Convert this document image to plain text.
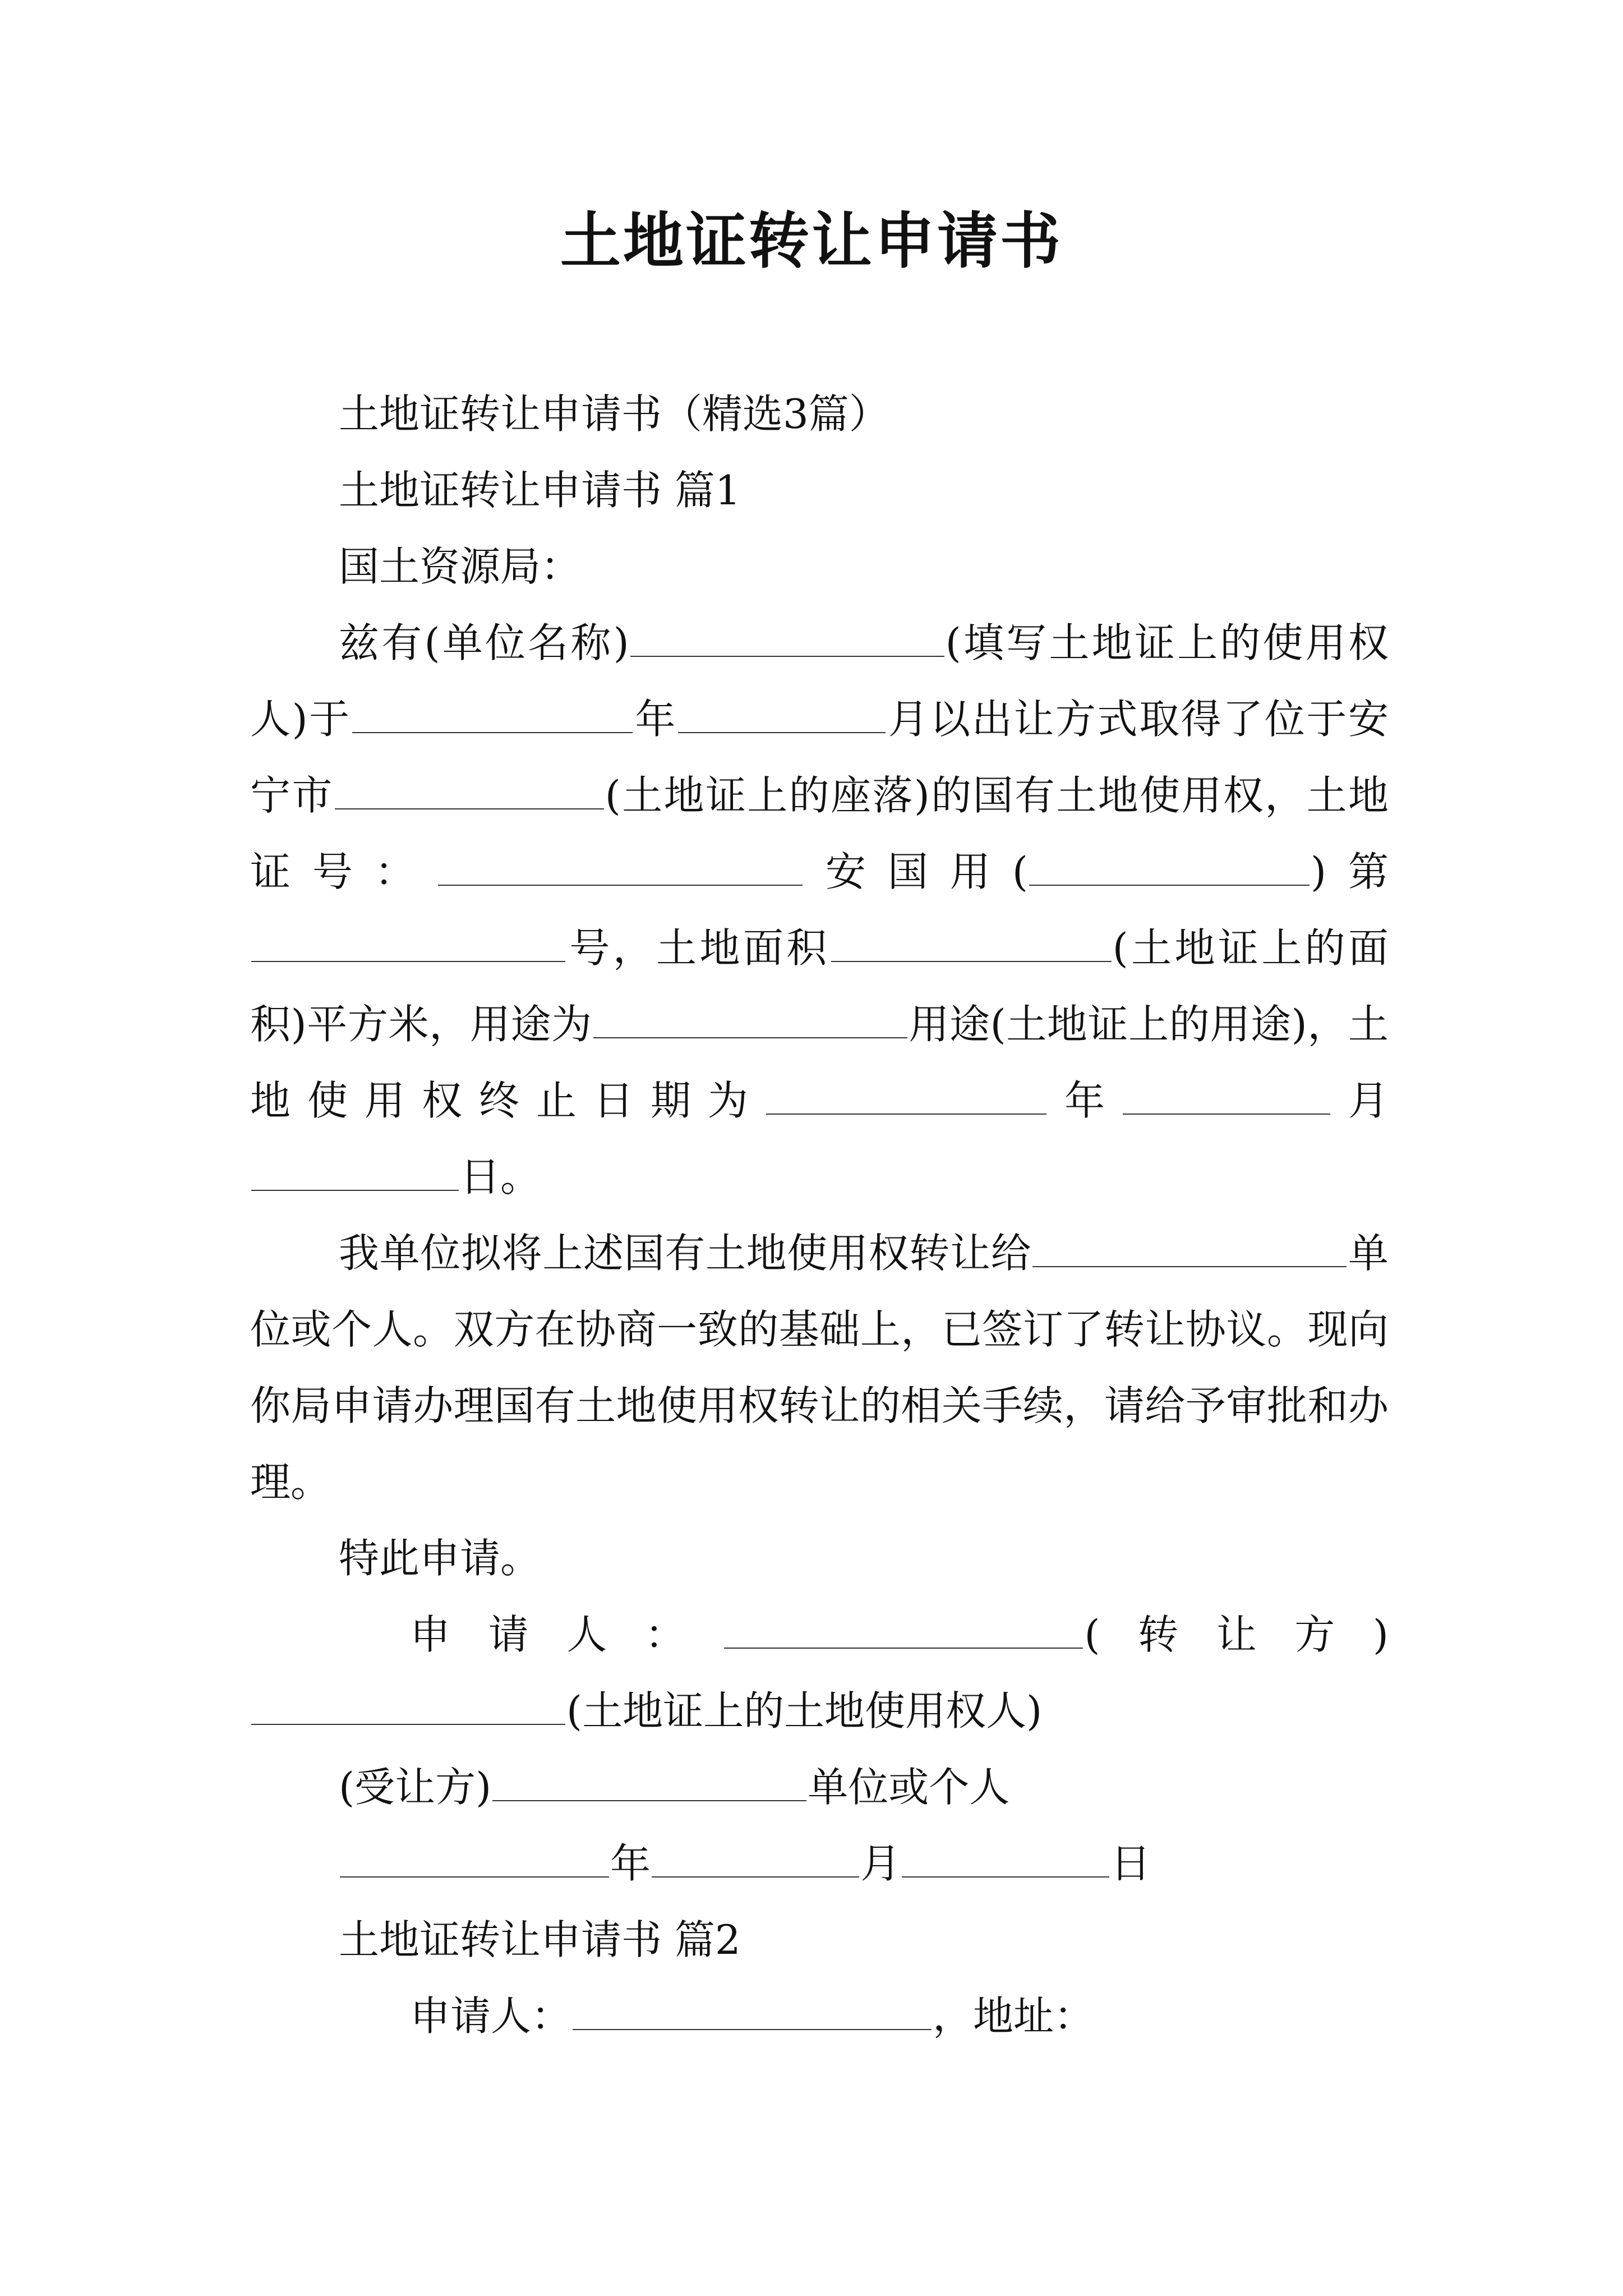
土地证转让申请书

土地证转让申请书（精选3篇）

土地证转让申请书 篇1

国土资源局：

兹有(单位名称)	(填写土地证上的使用权人)于	年	月以出让方式取得了位于安宁市	(土地证上的座落)的国有土地使用权，土地证号：	安国用(	)第号，土地面积	(土地证上的面积)平方米，用途为	用途(土地证上的用途)，土地使用权终止日期为	年	月日。

我单位拟将上述国有土地使用权转让给	单位或个人。双方在协商一致的基础上，已签订了转让协议。现向你局申请办理国有土地使用权转让的相关手续，请给予审批和办理。

特此申请。

申请人：	(转让方)(土地证上的土地使用权人)

(受让方)	单位或个人

年	月	日

土地证转让申请书 篇2

申请人：	，地址：
